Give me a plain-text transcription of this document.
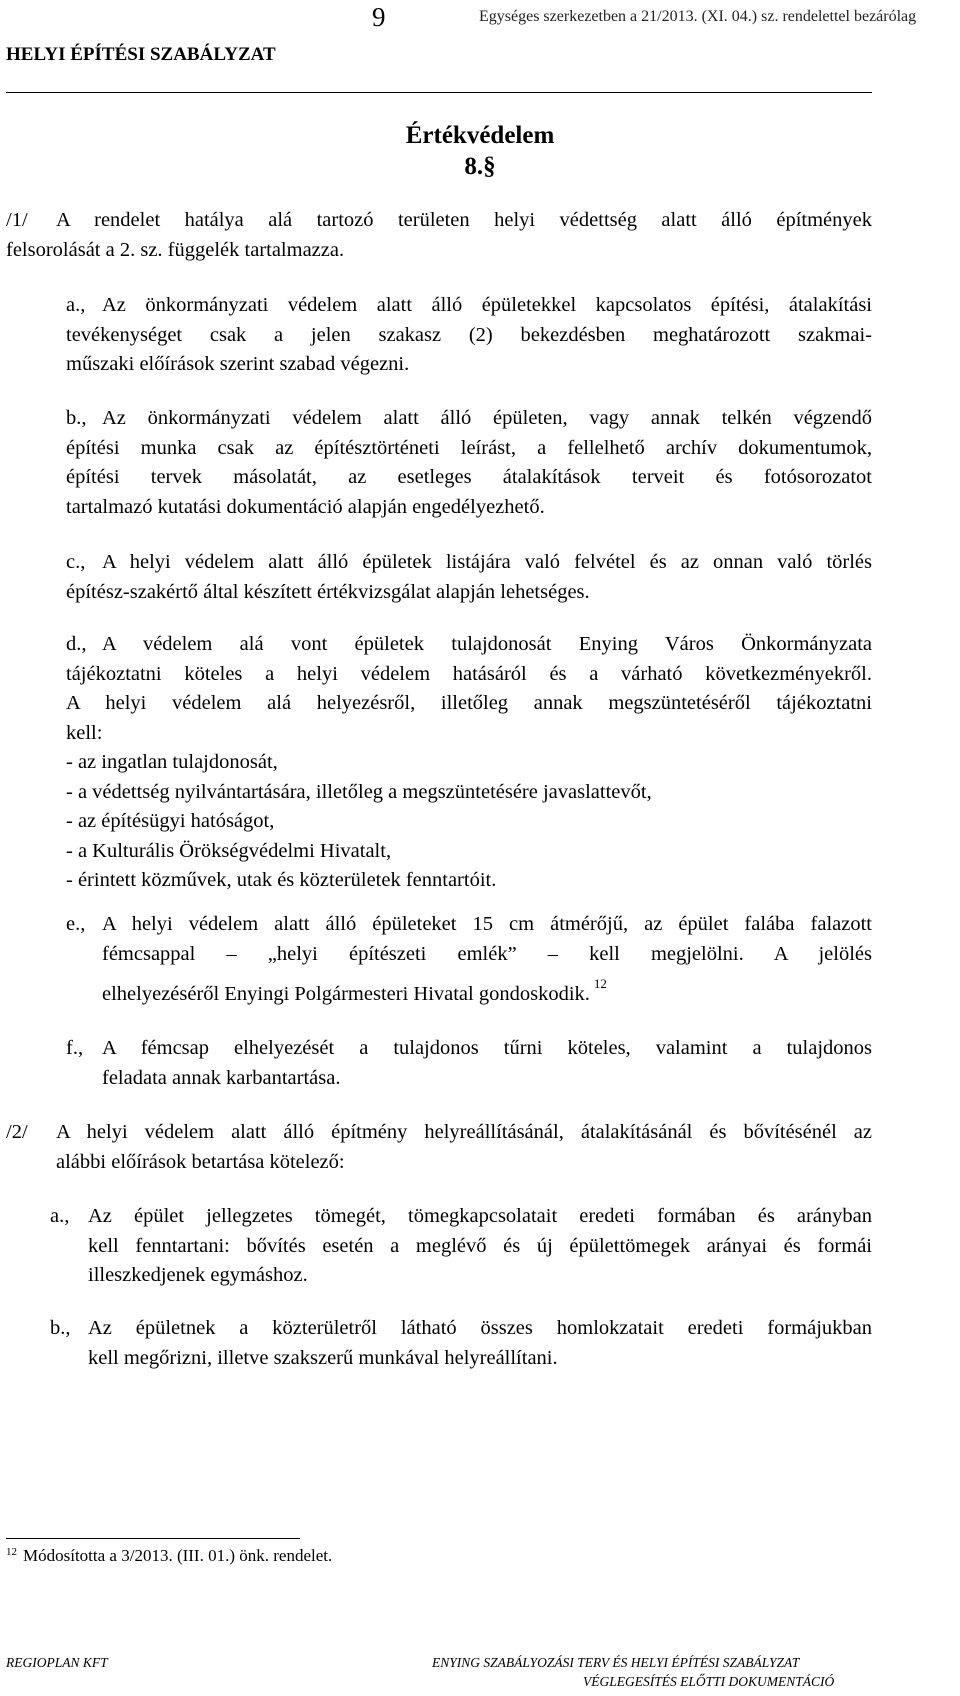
9	Egységes szerkezetben a 21/2013. (XI. 04.) sz. rendelettel bezárólag
HELYI ÉPÍTÉSI SZABÁLYZAT
Értékvédelem
8.§
/1/ A rendelet hatálya alá tartozó területen helyi védettség alatt álló építmények
felsorolását a 2. sz. függelék tartalmazza.
a., Az önkormányzati védelem alatt álló épületekkel kapcsolatos építési, átalakítási
tevékenységet csak a jelen szakasz (2) bekezdésben meghatározott szakmai-
műszaki előírások szerint szabad végezni.
b., Az önkormányzati védelem alatt álló épületen, vagy annak telkén végzendő
építési munka csak az építésztörténeti leírást, a fellelhető archív dokumentumok,
építési tervek másolatát, az esetleges átalakítások terveit és fotósorozatot
tartalmazó kutatási dokumentáció alapján engedélyezhető.
c., A helyi védelem alatt álló épületek listájára való felvétel és az onnan való törlés
építész-szakértő által készített értékvizsgálat alapján lehetséges.
d., A védelem alá vont épületek tulajdonosát Enying Város Önkormányzata
tájékoztatni köteles a helyi védelem hatásáról és a várható következményekről.
A helyi védelem alá helyezésről, illetőleg annak megszüntetéséről tájékoztatni
kell:
- az ingatlan tulajdonosát,
- a védettség nyilvántartására, illetőleg a megszüntetésére javaslattevőt,
- az építésügyi hatóságot,
- a Kulturális Örökségvédelmi Hivatalt,
- érintett közművek, utak és közterületek fenntartóit.
e., A helyi védelem alatt álló épületeket 15 cm átmérőjű, az épület falába falazott
fémcsappal – „helyi építészeti emlék” – kell megjelölni. A jelölés
elhelyezéséről Enyingi Polgármesteri Hivatal gondoskodik. $^{12}$
f., A fémcsap elhelyezését a tulajdonos tűrni köteles, valamint a tulajdonos
feladata annak karbantartása.
/2/ A helyi védelem alatt álló építmény helyreállításánál, átalakításánál és bővítésénél az
alábbi előírások betartása kötelező:
a., Az épület jellegzetes tömegét, tömegkapcsolatait eredeti formában és arányban
kell fenntartani: bővítés esetén a meglévő és új épülettömegek arányai és formái
illeszkedjenek egymáshoz.
b., Az épületnek a közterületről látható összes homlokzatait eredeti formájukban
kell megőrizni, illetve szakszerű munkával helyreállítani.
$^{12}$ Módosította a 3/2013. (III. 01.) önk. rendelet.
REGIOPLAN KFT	ENYING SZABÁLYOZÁSI TERV ÉS HELYI ÉPÍTÉSI SZABÁLYZAT
VÉGLEGESÍTÉS ELŐTTI DOKUMENTÁCIÓ
